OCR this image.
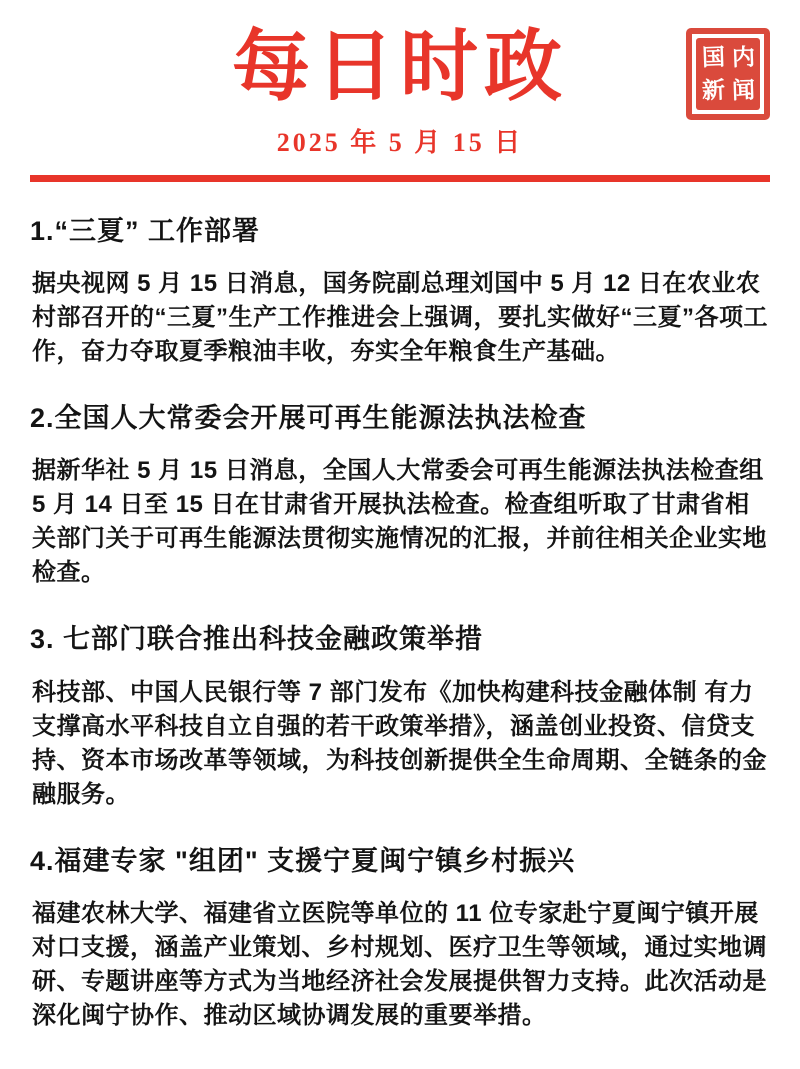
每日时政
2025 年 5 月 15 日
国 内
新 闻
1.“三夏” 工作部署

据央视网 5 月 15 日消息，国务院副总理刘国中 5 月 12 日在农业农村部召开的“三夏”生产工作推进会上强调，要扎实做好“三夏”各项工作，奋力夺取夏季粮油丰收，夯实全年粮食生产基础。

2.全国人大常委会开展可再生能源法执法检查

据新华社 5 月 15 日消息，全国人大常委会可再生能源法执法检查组 5 月 14 日至 15 日在甘肃省开展执法检查。检查组听取了甘肃省相关部门关于可再生能源法贯彻实施情况的汇报，并前往相关企业实地检查。

3. 七部门联合推出科技金融政策举措

科技部、中国人民银行等 7 部门发布《加快构建科技金融体制 有力支撑高水平科技自立自强的若干政策举措》，涵盖创业投资、信贷支持、资本市场改革等领域，为科技创新提供全生命周期、全链条的金融服务。

4.福建专家 "组团" 支援宁夏闽宁镇乡村振兴

福建农林大学、福建省立医院等单位的 11 位专家赴宁夏闽宁镇开展对口支援，涵盖产业策划、乡村规划、医疗卫生等领域，通过实地调研、专题讲座等方式为当地经济社会发展提供智力支持。此次活动是深化闽宁协作、推动区域协调发展的重要举措。
